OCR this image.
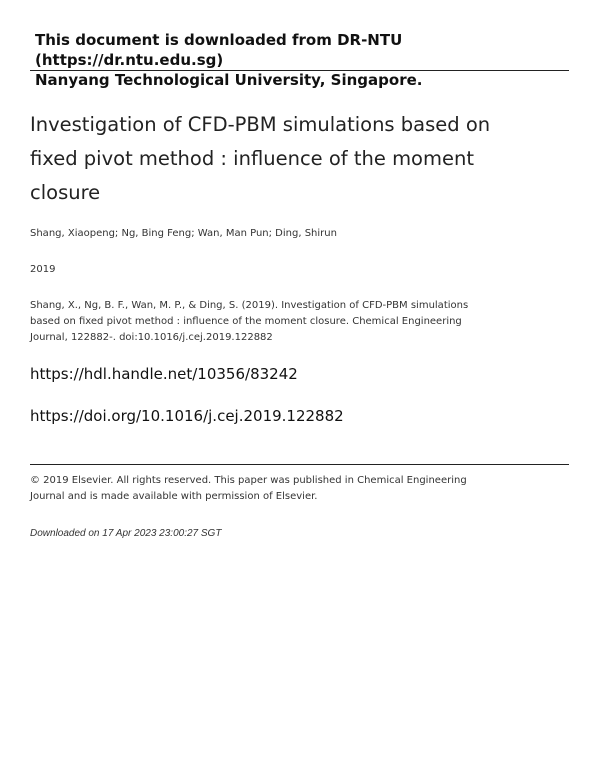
This document is downloaded from DR-NTU (https://dr.ntu.edu.sg)
Nanyang Technological University, Singapore.
Investigation of CFD-PBM simulations based on fixed pivot method : influence of the moment closure

Shang, Xiaopeng; Ng, Bing Feng; Wan, Man Pun; Ding, Shirun

2019

Shang, X., Ng, B. F., Wan, M. P., & Ding, S. (2019). Investigation of CFD-PBM simulations based on fixed pivot method : influence of the moment closure. Chemical Engineering Journal, 122882-. doi:10.1016/j.cej.2019.122882

https://hdl.handle.net/10356/83242
https://doi.org/10.1016/j.cej.2019.122882

© 2019 Elsevier. All rights reserved. This paper was published in Chemical Engineering Journal and is made available with permission of Elsevier.

Downloaded on 17 Apr 2023 23:00:27 SGT
